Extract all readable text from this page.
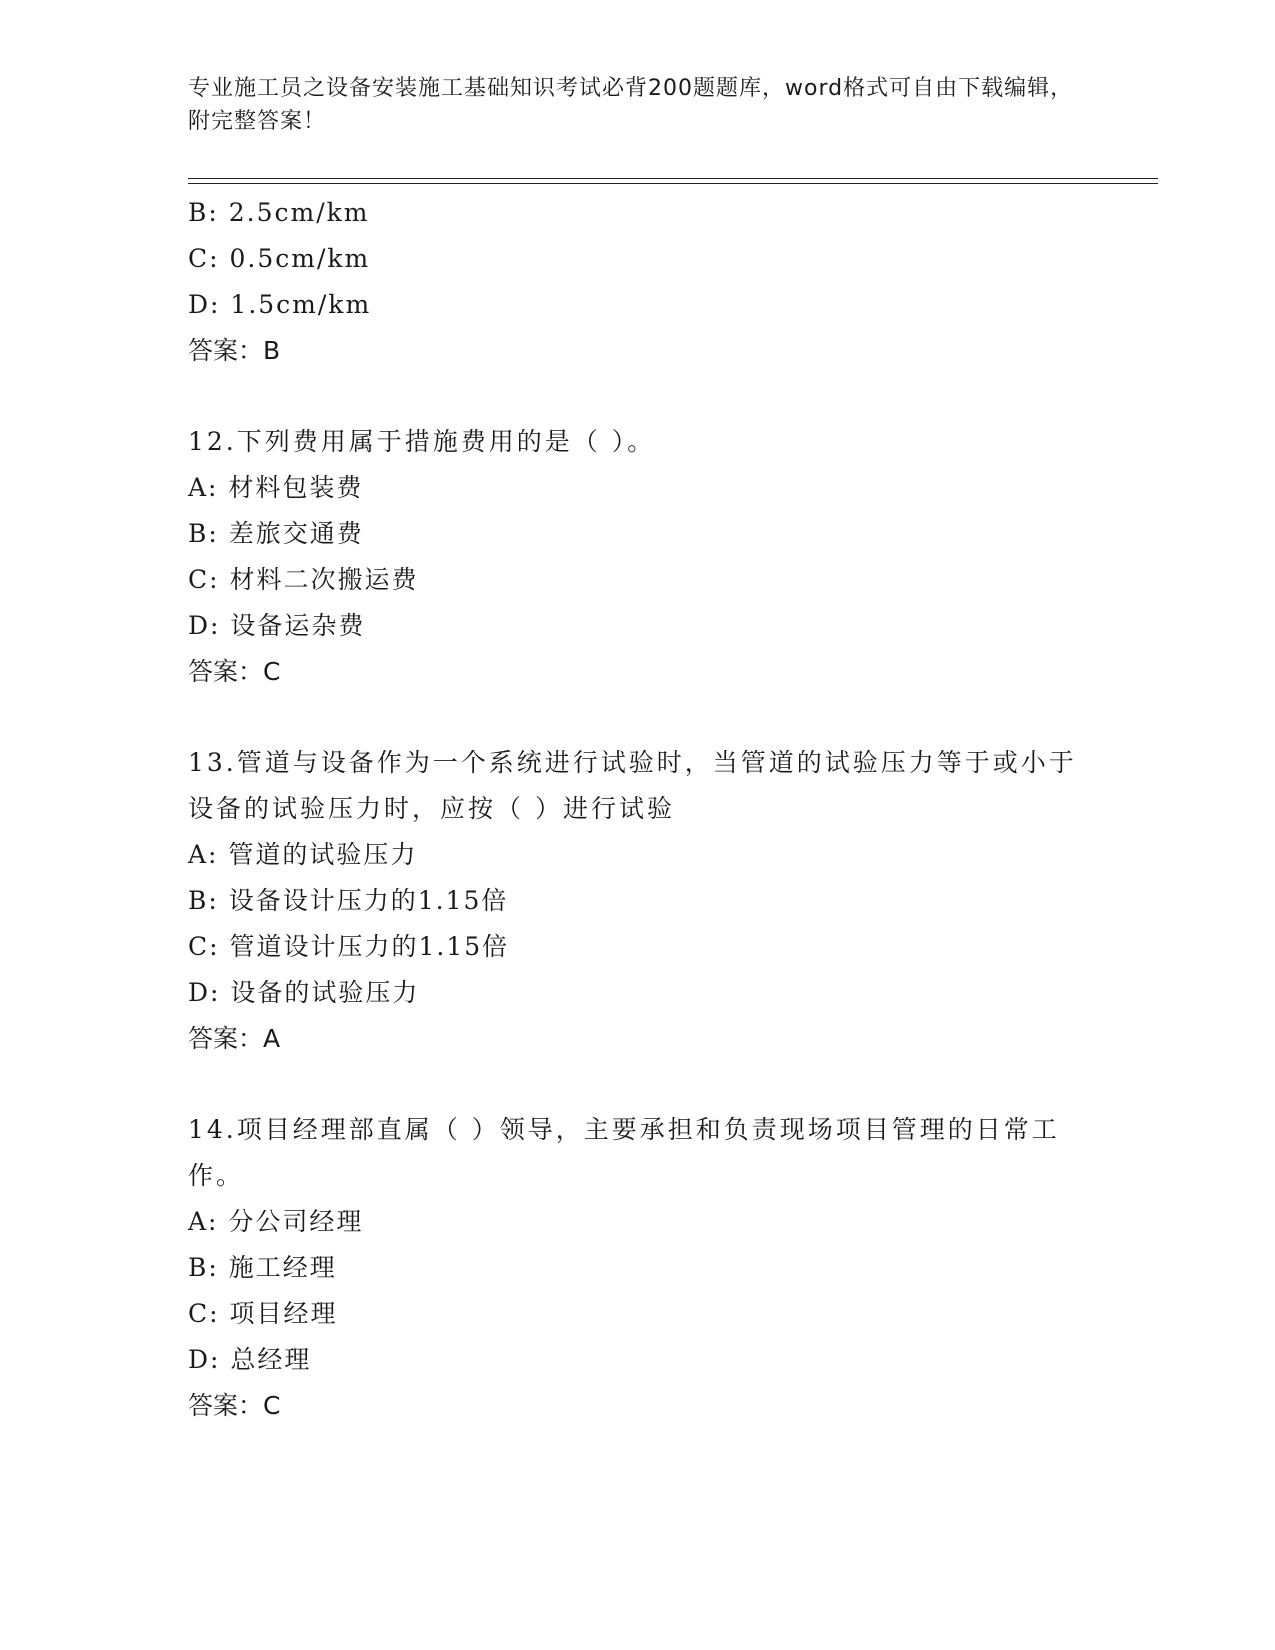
专业施工员之设备安装施工基础知识考试必背200题题库，word格式可自由下载编辑，附完整答案！
B: 2.5cm/km
C: 0.5cm/km
D: 1.5cm/km
答案：B
12.下列费用属于措施费用的是（ ）。
A: 材料包装费
B: 差旅交通费
C: 材料二次搬运费
D: 设备运杂费
答案：C
13.管道与设备作为一个系统进行试验时，当管道的试验压力等于或小于设备的试验压力时，应按（ ）进行试验
A: 管道的试验压力
B: 设备设计压力的1.15倍
C: 管道设计压力的1.15倍
D: 设备的试验压力
答案：A
14.项目经理部直属（ ）领导，主要承担和负责现场项目管理的日常工作。
A: 分公司经理
B: 施工经理
C: 项目经理
D: 总经理
答案：C
